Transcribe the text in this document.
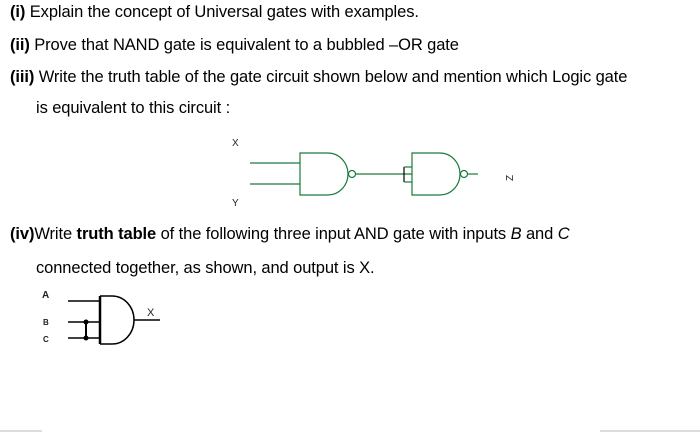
(i) Explain the concept of Universal gates with examples.
(ii) Prove that NAND gate is equivalent to a bubbled –OR gate
(iii) Write the truth table of the gate circuit shown below and mention which Logic gate
is equivalent to this circuit :
X
Y
Z
A
B
C
X
(iv)Write truth table of the following three input AND gate with inputs B and C
connected together, as shown, and output is X.
